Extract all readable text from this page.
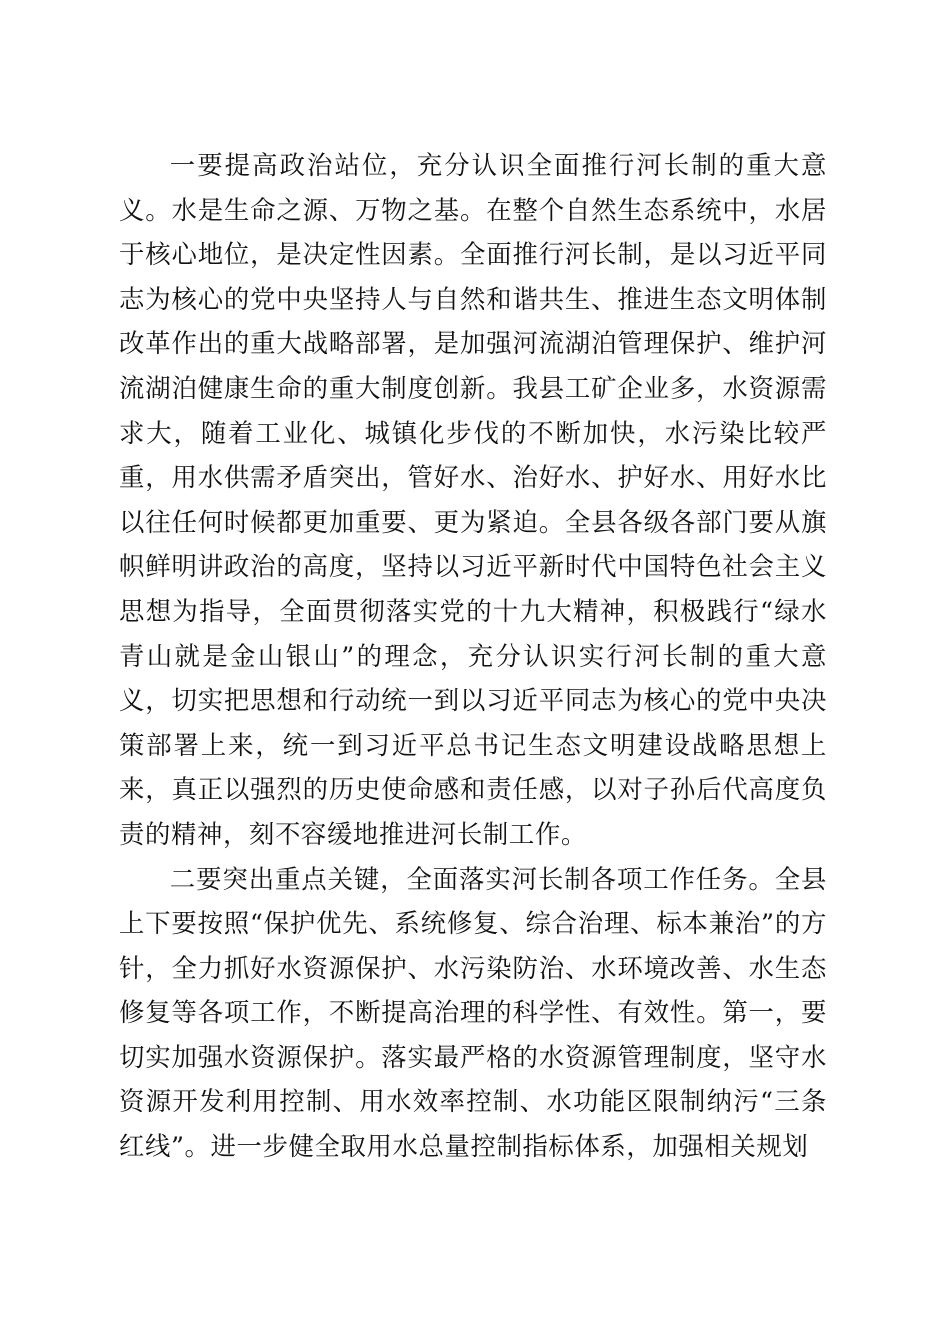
一要提高政治站位，充分认识全面推行河长制的重大意义。水是生命之源、万物之基。在整个自然生态系统中，水居于核心地位，是决定性因素。全面推行河长制，是以习近平同志为核心的党中央坚持人与自然和谐共生、推进生态文明体制改革作出的重大战略部署，是加强河流湖泊管理保护、维护河流湖泊健康生命的重大制度创新。我县工矿企业多，水资源需求大，随着工业化、城镇化步伐的不断加快，水污染比较严重，用水供需矛盾突出，管好水、治好水、护好水、用好水比以往任何时候都更加重要、更为紧迫。全县各级各部门要从旗帜鲜明讲政治的高度，坚持以习近平新时代中国特色社会主义思想为指导，全面贯彻落实党的十九大精神，积极践行“绿水青山就是金山银山”的理念，充分认识实行河长制的重大意义，切实把思想和行动统一到以习近平同志为核心的党中央决策部署上来，统一到习近平总书记生态文明建设战略思想上来，真正以强烈的历史使命感和责任感，以对子孙后代高度负责的精神，刻不容缓地推进河长制工作。

二要突出重点关键，全面落实河长制各项工作任务。全县上下要按照“保护优先、系统修复、综合治理、标本兼治”的方针，全力抓好水资源保护、水污染防治、水环境改善、水生态修复等各项工作，不断提高治理的科学性、有效性。第一，要切实加强水资源保护。落实最严格的水资源管理制度，坚守水资源开发利用控制、用水效率控制、水功能区限制纳污“三条红线”。进一步健全取用水总量控制指标体系，加强相关规划
